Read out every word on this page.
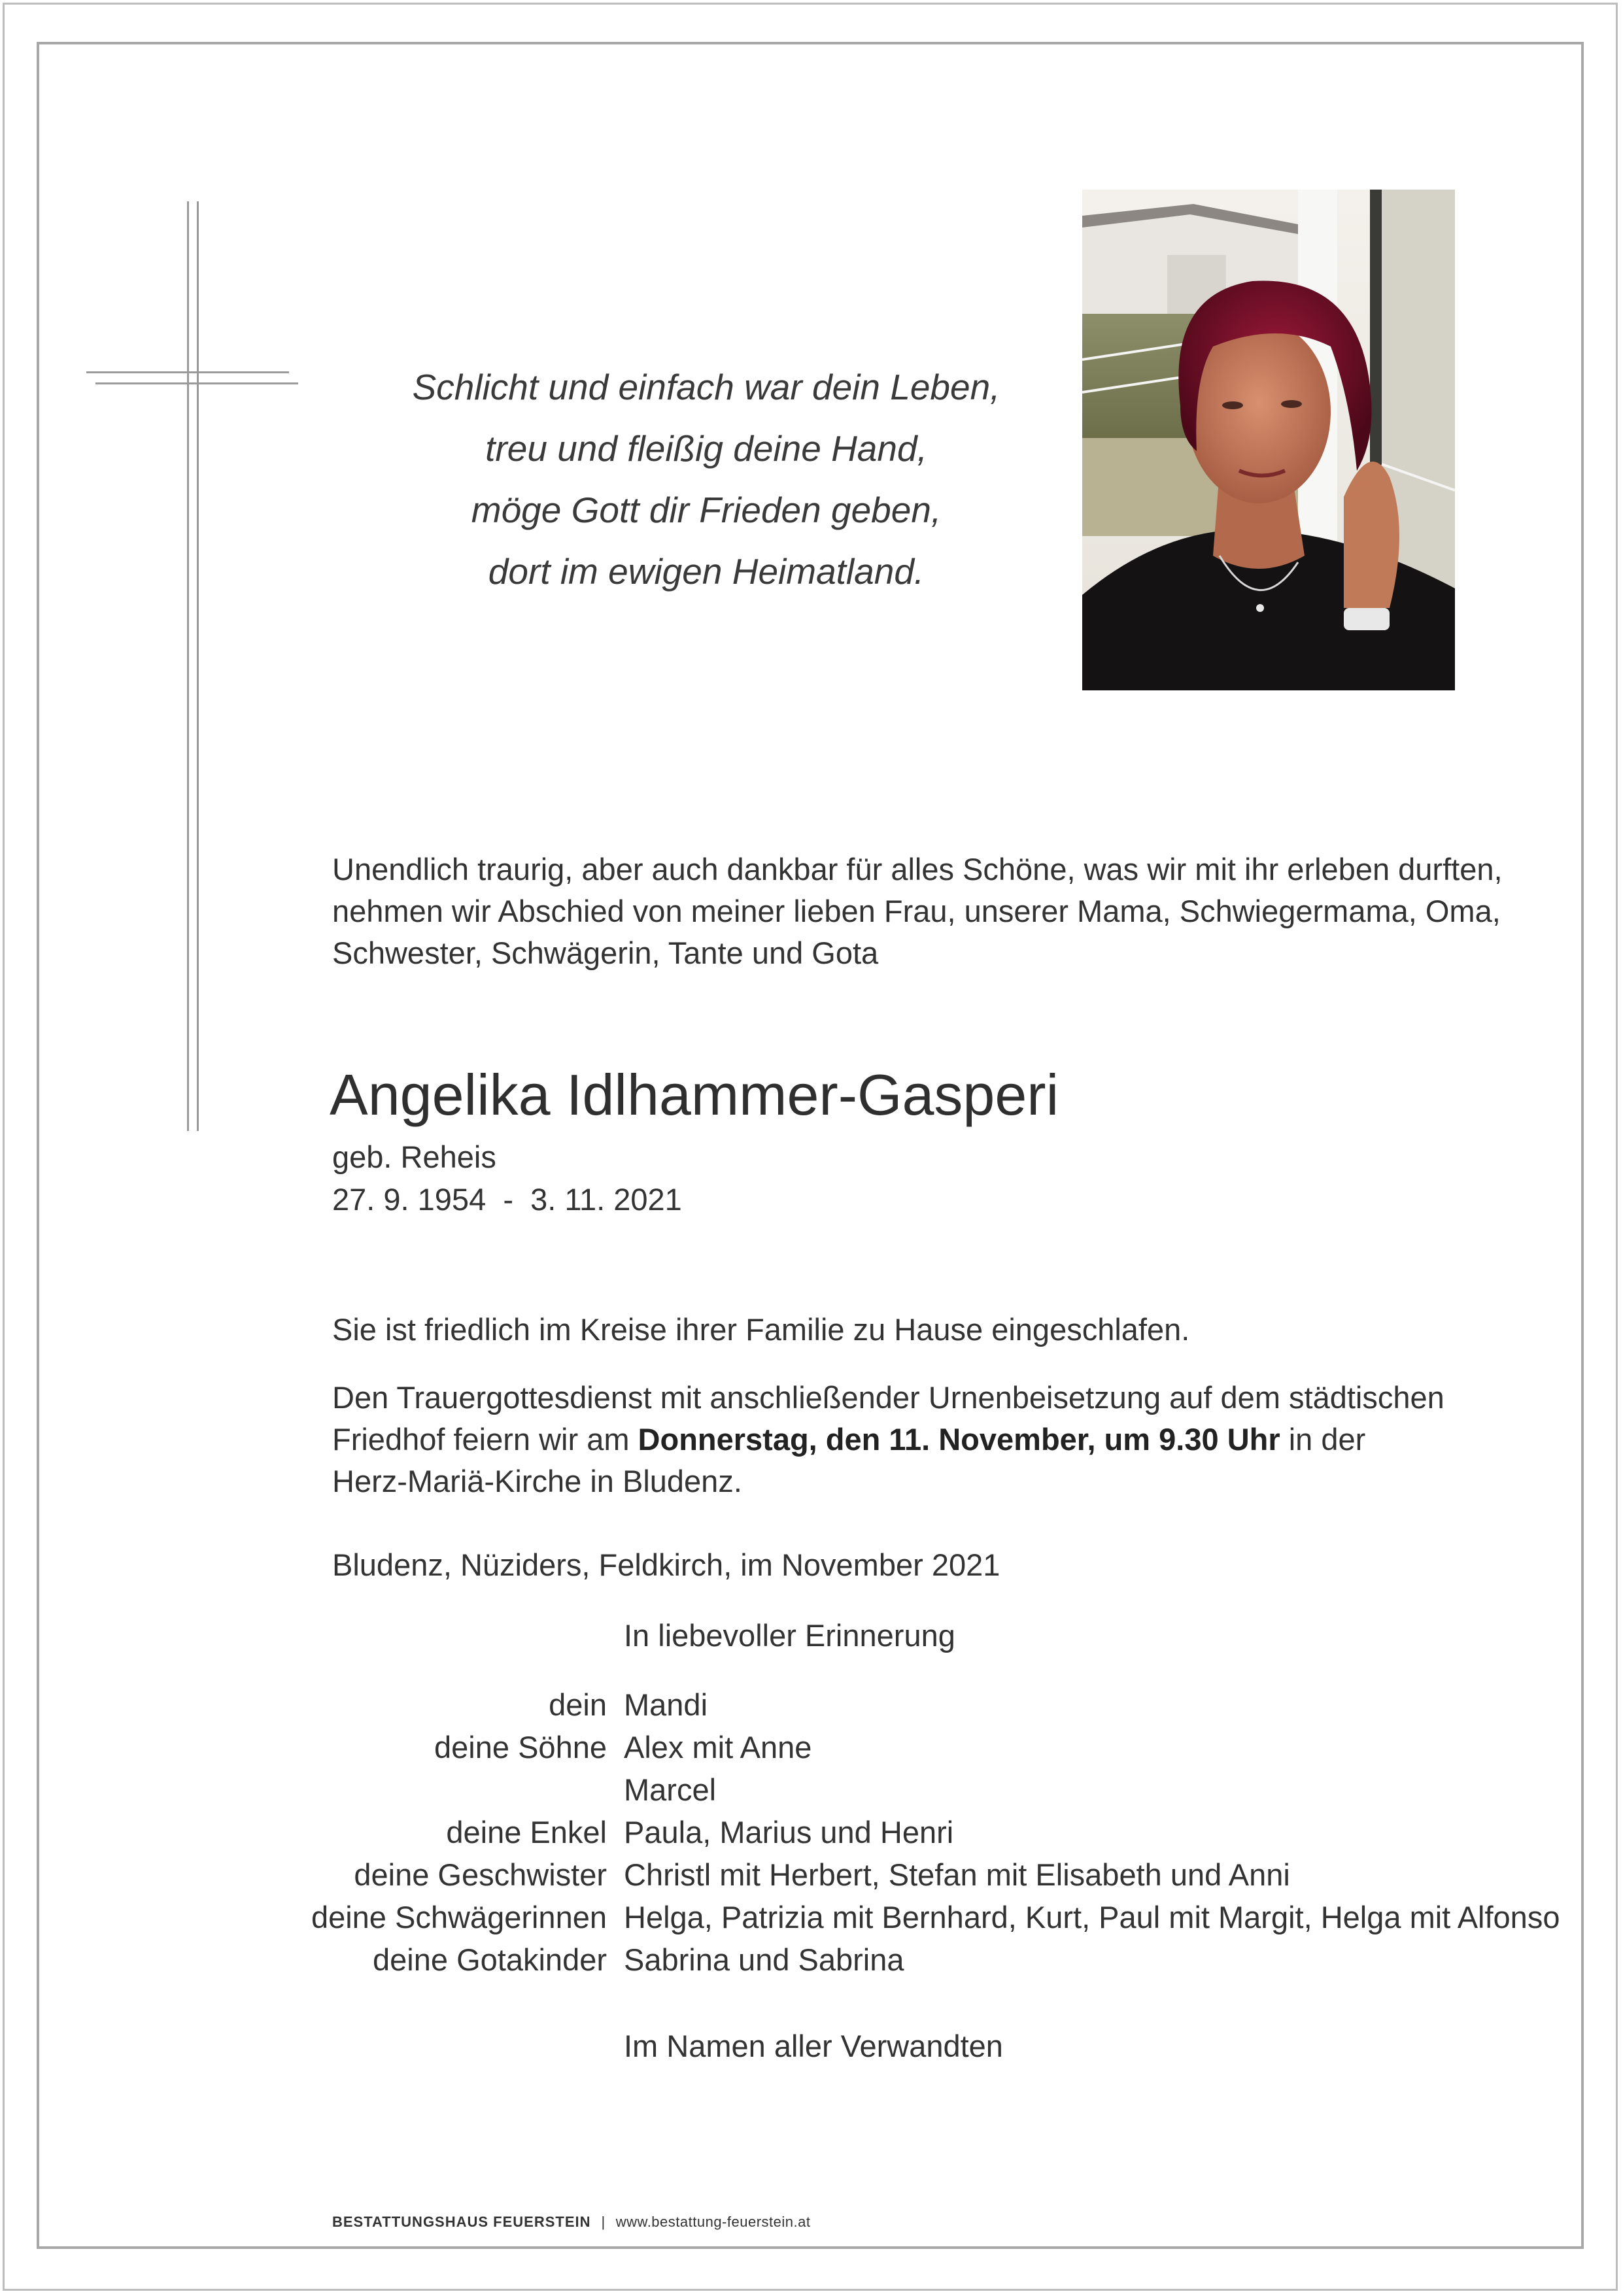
Schlicht und einfach war dein Leben,
treu und fleißig deine Hand,
möge Gott dir Frieden geben,
dort im ewigen Heimatland.
Unendlich traurig, aber auch dankbar für alles Schöne, was wir mit ihr erleben durften,
nehmen wir Abschied von meiner lieben Frau, unserer Mama, Schwiegermama, Oma,
Schwester, Schwägerin, Tante und Gota
Angelika Idlhammer-Gasperi
geb. Reheis
27. 9. 1954  -  3. 11. 2021
Sie ist friedlich im Kreise ihrer Familie zu Hause eingeschlafen.
Den Trauergottesdienst mit anschließender Urnenbeisetzung auf dem städtischen
Friedhof feiern wir am Donnerstag, den 11. November, um 9.30 Uhr in der
Herz-Mariä-Kirche in Bludenz.
Bludenz, Nüziders, Feldkirch, im November 2021
In liebevoller Erinnerung
dein Mandi
deine Söhne Alex mit Anne
Marcel
deine Enkel Paula, Marius und Henri
deine Geschwister Christl mit Herbert, Stefan mit Elisabeth und Anni
deine Schwägerinnen Helga, Patrizia mit Bernhard, Kurt, Paul mit Margit, Helga mit Alfonso
deine Gotakinder Sabrina und Sabrina
Im Namen aller Verwandten
BESTATTUNGSHAUS FEUERSTEIN | www.bestattung-feuerstein.at
